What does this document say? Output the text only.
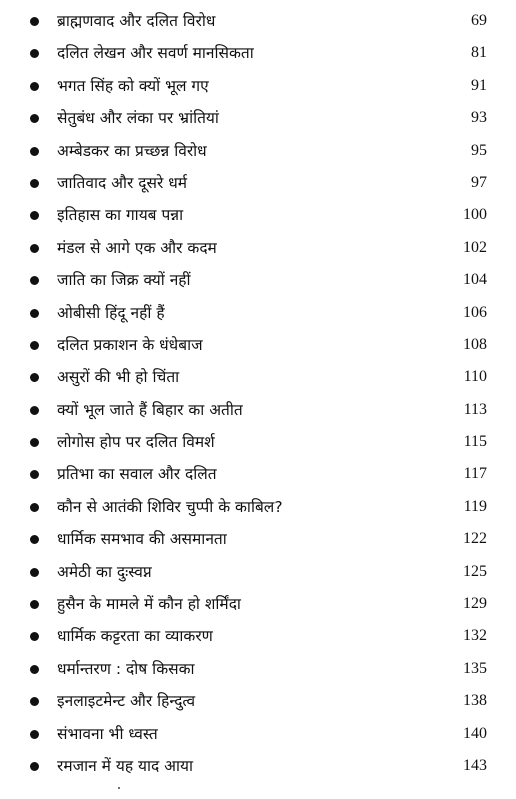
ब्राह्मणवाद और दलित विरोध	69
दलित लेखन और सवर्ण मानसिकता	81
भगत सिंह को क्यों भूल गए	91
सेतुबंध और लंका पर भ्रांतियां	93
अम्बेडकर का प्रच्छन्न विरोध	95
जातिवाद और दूसरे धर्म	97
इतिहास का गायब पन्ना	100
मंडल से आगे एक और कदम	102
जाति का जिक्र क्यों नहीं	104
ओबीसी हिंदू नहीं हैं	106
दलित प्रकाशन के धंधेबाज	108
असुरों की भी हो चिंता	110
क्यों भूल जाते हैं बिहार का अतीत	113
लोगोस होप पर दलित विमर्श	115
प्रतिभा का सवाल और दलित	117
कौन से आतंकी शिविर चुप्पी के काबिल?	119
धार्मिक समभाव की असमानता	122
अमेठी का दुःस्वप्न	125
हुसैन के मामले में कौन हो शर्मिंदा	129
धार्मिक कट्टरता का व्याकरण	132
धर्मान्तरण : दोष किसका	135
इनलाइटमेन्ट और हिन्दुत्व	138
संभावना भी ध्वस्त	140
रमजान में यह याद आया	143
